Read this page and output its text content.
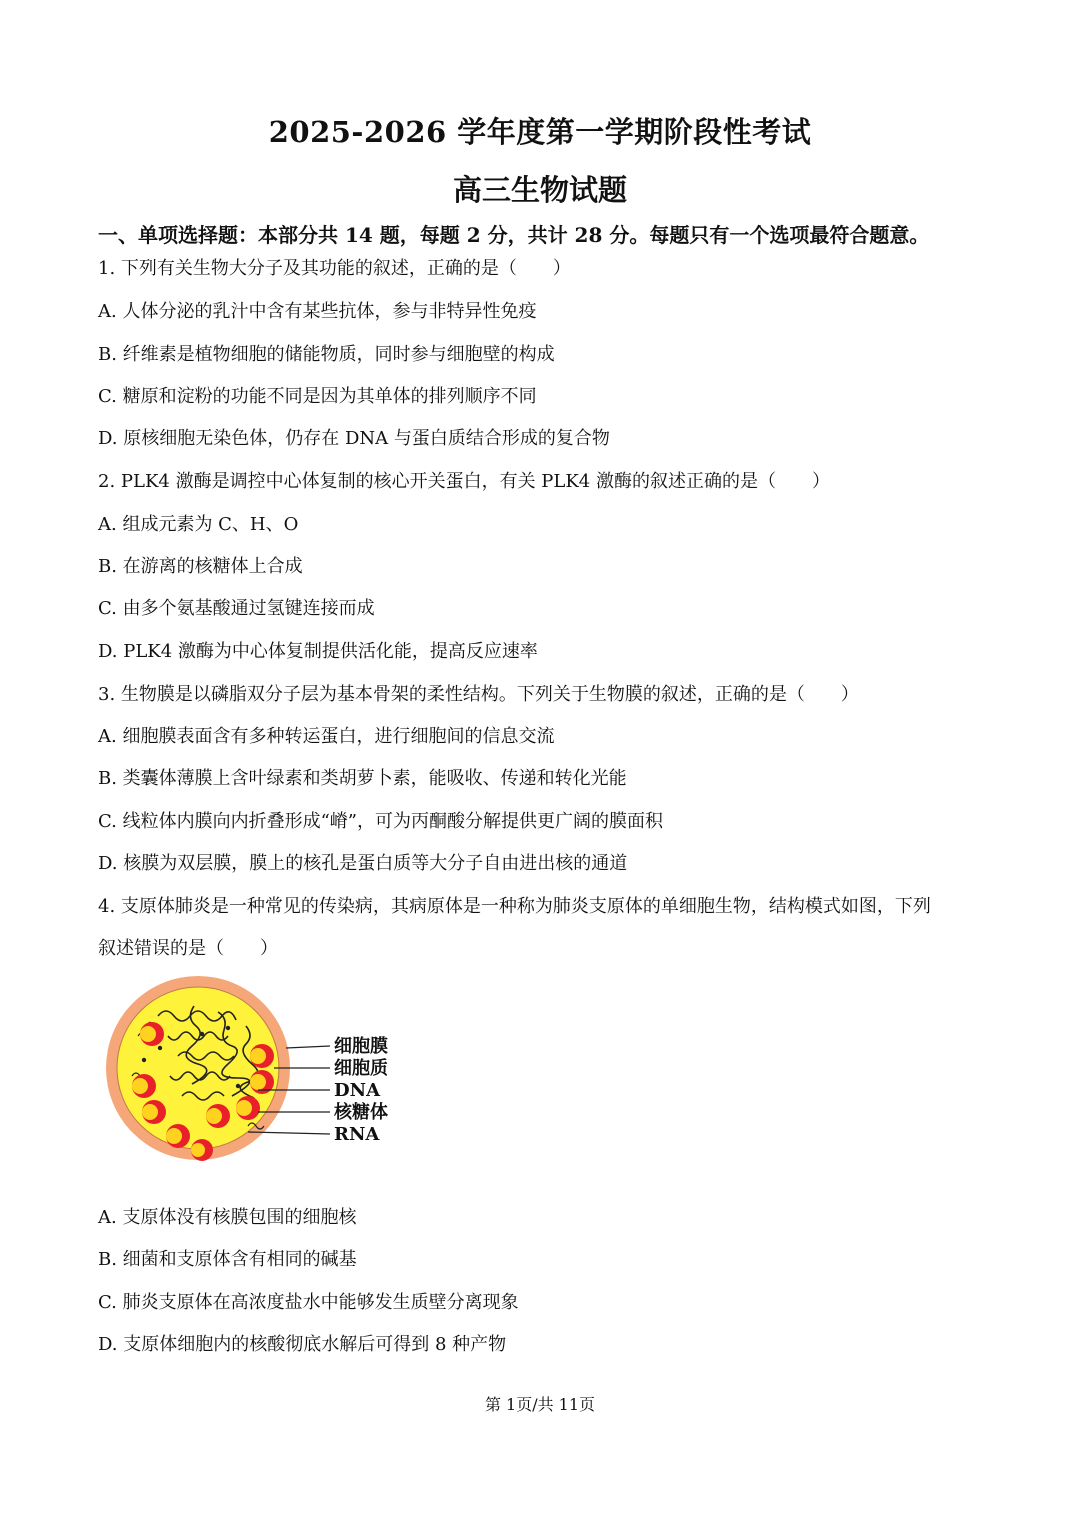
2025-2026 学年度第一学期阶段性考试
高三生物试题
一、单项选择题：本部分共 14 题，每题 2 分，共计 28 分。每题只有一个选项最符合题意。
1. 下列有关生物大分子及其功能的叙述，正确的是（　　）
A. 人体分泌的乳汁中含有某些抗体，参与非特异性免疫
B. 纤维素是植物细胞的储能物质，同时参与细胞壁的构成
C. 糖原和淀粉的功能不同是因为其单体的排列顺序不同
D. 原核细胞无染色体，仍存在 DNA 与蛋白质结合形成的复合物
2. PLK4 激酶是调控中心体复制的核心开关蛋白，有关 PLK4 激酶的叙述正确的是（　　）
A. 组成元素为 C、H、O
B. 在游离的核糖体上合成
C. 由多个氨基酸通过氢键连接而成
D. PLK4 激酶为中心体复制提供活化能，提高反应速率
3. 生物膜是以磷脂双分子层为基本骨架的柔性结构。下列关于生物膜的叙述，正确的是（　　）
A. 细胞膜表面含有多种转运蛋白，进行细胞间的信息交流
B. 类囊体薄膜上含叶绿素和类胡萝卜素，能吸收、传递和转化光能
C. 线粒体内膜向内折叠形成“嵴”，可为丙酮酸分解提供更广阔的膜面积
D. 核膜为双层膜，膜上的核孔是蛋白质等大分子自由进出核的通道
4. 支原体肺炎是一种常见的传染病，其病原体是一种称为肺炎支原体的单细胞生物，结构模式如图，下列
叙述错误的是（　　）
细胞膜
细胞质
DNA
核糖体
RNA
A. 支原体没有核膜包围的细胞核
B. 细菌和支原体含有相同的碱基
C. 肺炎支原体在高浓度盐水中能够发生质壁分离现象
D. 支原体细胞内的核酸彻底水解后可得到 8 种产物
第 1页/共 11页
